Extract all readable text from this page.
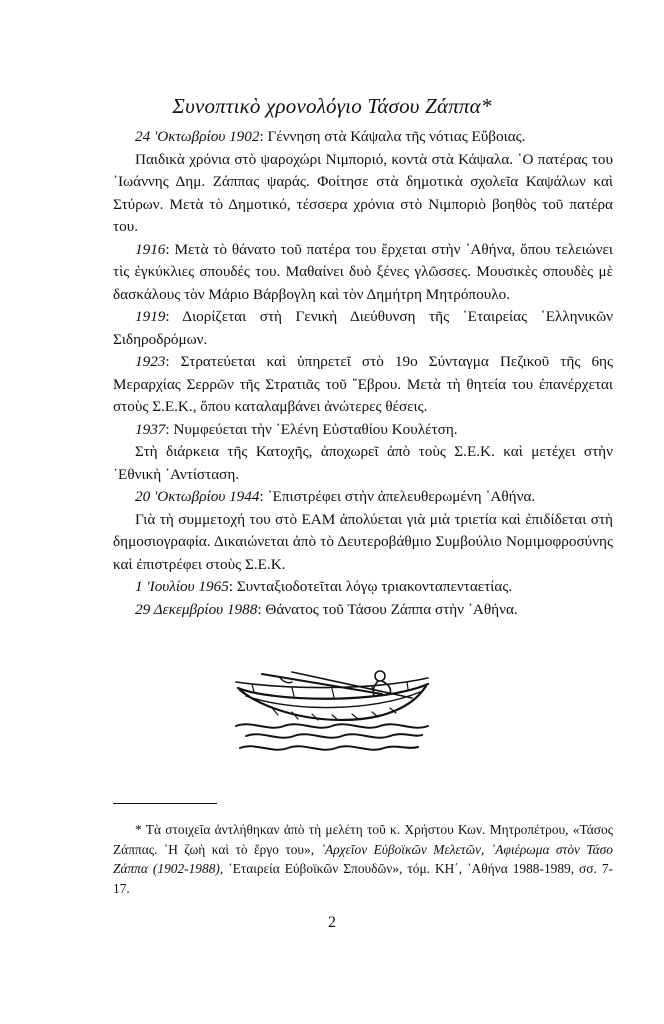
Συνοπτικὸ χρονολόγιο Τάσου Ζάππα*

24 'Οκτωβρίου 1902: Γέννηση στὰ Κάψαλα τῆς νότιας Εὔβοιας.

Παιδικὰ χρόνια στὸ ψαροχώρι Νιμποριό, κοντὰ στὰ Κάψαλα. ῾Ο πατέρας του ᾽Ιωάννης Δημ. Ζάππας ψαράς. Φοίτησε στὰ δημοτικὰ σχολεῖα Καψάλων καὶ Στύρων. Μετὰ τὸ Δημοτικό, τέσσερα χρόνια στὸ Νιμποριὸ βοηθὸς τοῦ πατέρα του.

1916: Μετὰ τὸ θάνατο τοῦ πατέρα του ἔρχεται στὴν ᾽Αθήνα, ὅπου τελειώνει τὶς ἐγκύκλιες σπουδές του. Μαθαίνει δυὸ ξένες γλῶσσες. Μουσικὲς σπουδὲς μὲ δασκάλους τὸν Μάριο Βάρβογλη καὶ τὸν Δημήτρη Μητρόπουλο.

1919: Διορίζεται στὴ Γενικὴ Διεύθυνση τῆς ῾Εταιρείας ῾Ελληνικῶν Σιδηροδρόμων.

1923: Στρατεύεται καὶ ὑπηρετεῖ στὸ 19ο Σύνταγμα Πεζικοῦ τῆς 6ης Μεραρχίας Σερρῶν τῆς Στρατιᾶς τοῦ ῞Εβρου. Μετὰ τὴ θητεία του ἐπανέρχεται στοὺς Σ.Ε.Κ., ὅπου καταλαμβάνει ἀνώτερες θέσεις.

1937: Νυμφεύεται τὴν ῾Ελένη Εὐσταθίου Κουλέτση.

Στὴ διάρκεια τῆς Κατοχῆς, ἀποχωρεῖ ἀπὸ τοὺς Σ.Ε.Κ. καὶ μετέχει στὴν ᾽Εθνικὴ ᾽Αντίσταση.

20 'Οκτωβρίου 1944: ᾽Επιστρέφει στὴν ἀπελευθερωμένη ᾽Αθήνα.

Γιὰ τὴ συμμετοχή του στὸ ΕΑΜ ἀπολύεται γιὰ μιὰ τριετία καὶ ἐπιδίδεται στὴ δημοσιογραφία. Δικαιώνεται ἀπὸ τὸ Δευτεροβάθμιο Συμβούλιο Νομιμοφροσύνης καὶ ἐπιστρέφει στοὺς Σ.Ε.Κ.

1 'Ιουλίου 1965: Συνταξιοδοτεῖται λόγῳ τριακονταπενταετίας.

29 Δεκεμβρίου 1988: Θάνατος τοῦ Τάσου Ζάππα στὴν ᾽Αθήνα.

* Τὰ στοιχεῖα ἀντλήθηκαν ἀπὸ τὴ μελέτη τοῦ κ. Χρήστου Κων. Μητροπέτρου, «Τάσος Ζάππας. ῾Η ζωὴ καὶ τὸ ἔργο του», ᾽Αρχεῖον Εὐβοϊκῶν Μελετῶν, ᾽Αφιέρωμα στὸν Τάσο Ζάππα (1902-1988), ῾Εταιρεία Εὐβοϊκῶν Σπουδῶν», τόμ. ΚΗ΄, ᾽Αθήνα 1988-1989, σσ. 7-17.

2
